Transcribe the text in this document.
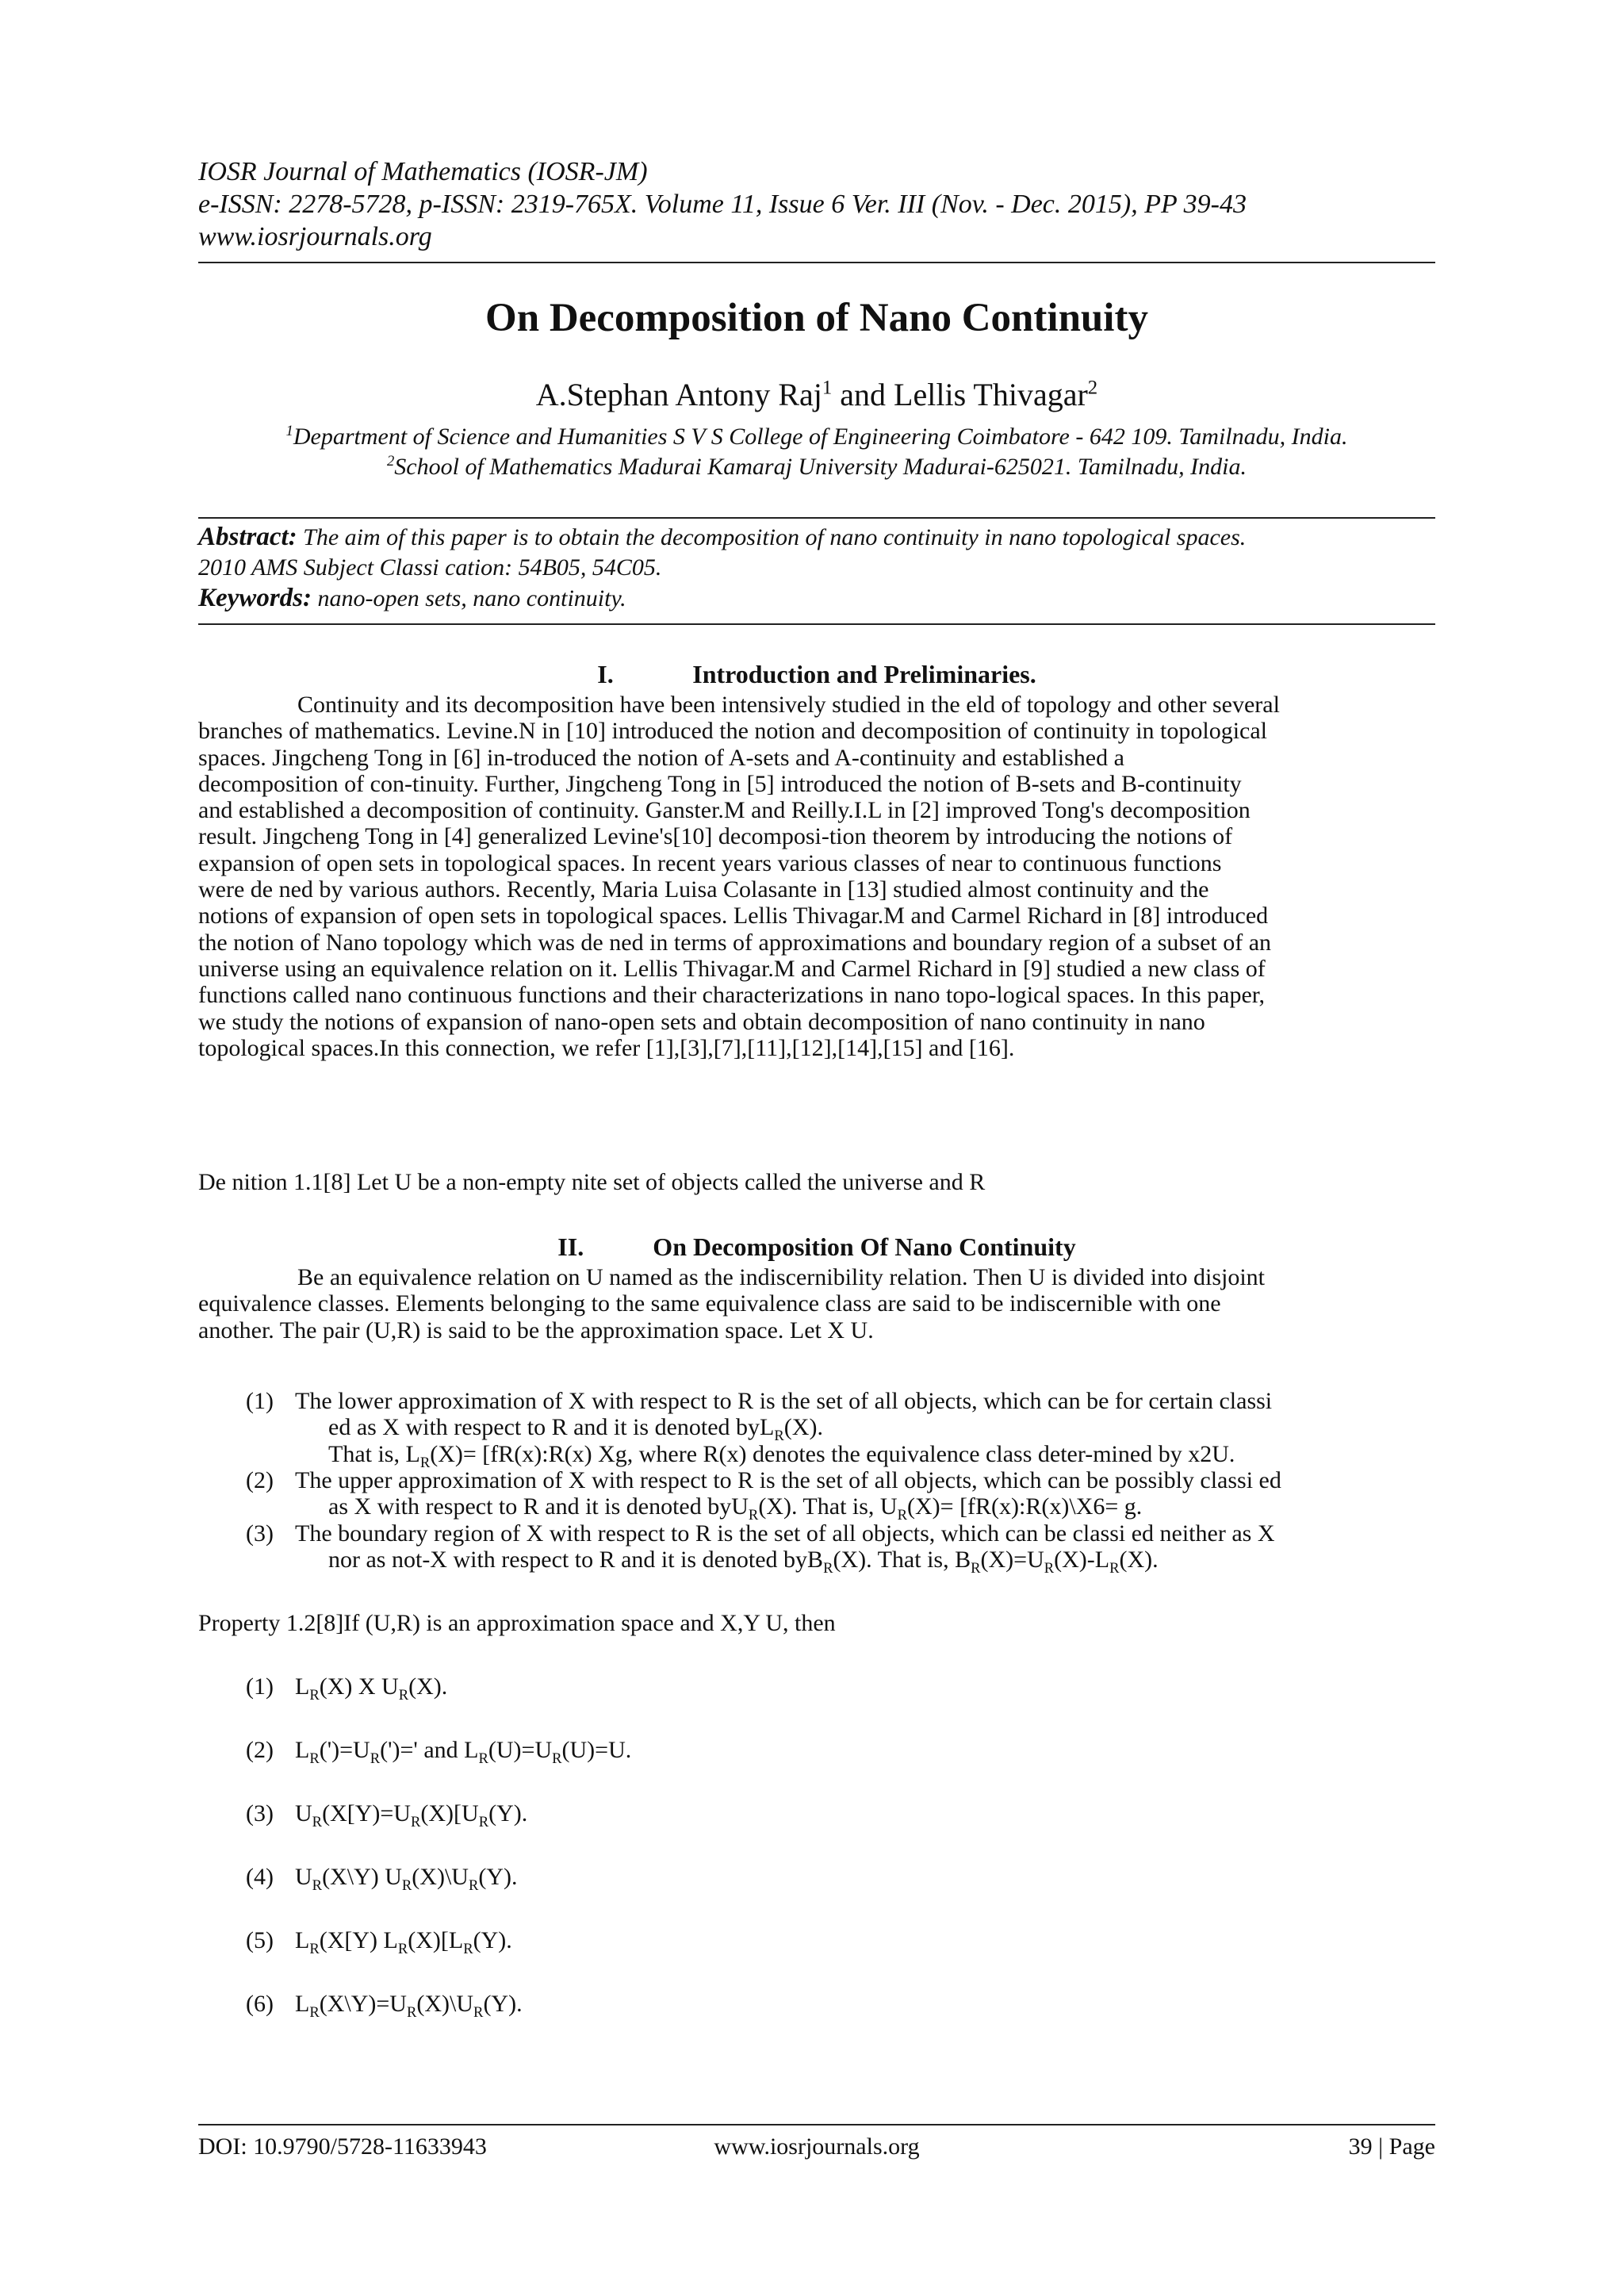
IOSR Journal of Mathematics (IOSR-JM)
e-ISSN: 2278-5728, p-ISSN: 2319-765X. Volume 11, Issue 6 Ver. III (Nov. - Dec. 2015), PP 39-43
www.iosrjournals.org
On Decomposition of Nano Continuity
A.Stephan Antony Raj$^1$ and Lellis Thivagar$^2$
$^1$Department of Science and Humanities S V S College of Engineering Coimbatore - 642 109. Tamilnadu, India.
$^2$School of Mathematics Madurai Kamaraj University Madurai-625021. Tamilnadu, India.
Abstract: The aim of this paper is to obtain the decomposition of nano continuity in nano topological spaces.
2010 AMS Subject Classi cation: 54B05, 54C05.
Keywords: nano-open sets, nano continuity.
I.	Introduction and Preliminaries.
Continuity and its decomposition have been intensively studied in the eld of topology and other several
branches of mathematics. Levine.N in [10] introduced the notion and decomposition of continuity in topological
spaces. Jingcheng Tong in [6] in-troduced the notion of A-sets and A-continuity and established a
decomposition of con-tinuity. Further, Jingcheng Tong in [5] introduced the notion of B-sets and B-continuity
and established a decomposition of continuity. Ganster.M and Reilly.I.L in [2] improved Tong's decomposition
result. Jingcheng Tong in [4] generalized Levine's[10] decomposi-tion theorem by introducing the notions of
expansion of open sets in topological spaces. In recent years various classes of near to continuous functions
were de ned by various authors. Recently, Maria Luisa Colasante in [13] studied almost continuity and the
notions of expansion of open sets in topological spaces. Lellis Thivagar.M and Carmel Richard in [8] introduced
the notion of Nano topology which was de ned in terms of approximations and boundary region of a subset of an
universe using an equivalence relation on it. Lellis Thivagar.M and Carmel Richard in [9] studied a new class of
functions called nano continuous functions and their characterizations in nano topo-logical spaces. In this paper,
we study the notions of expansion of nano-open sets and obtain decomposition of nano continuity in nano
topological spaces.In this connection, we refer [1],[3],[7],[11],[12],[14],[15] and [16].
De nition 1.1[8] Let U be a non-empty nite set of objects called the universe and R
II.	On Decomposition Of Nano Continuity
Be an equivalence relation on U named as the indiscernibility relation. Then U is divided into disjoint
equivalence classes. Elements belonging to the same equivalence class are said to be indiscernible with one
another. The pair (U,R) is said to be the approximation space. Let X U.
(1) The lower approximation of X with respect to R is the set of all objects, which can be for certain classi
ed as X with respect to R and it is denoted byL$_R$(X).
That is, $L_R(X)=$ [fR(x):R(x) Xg, where R(x) denotes the equivalence class deter-mined by x2U.
(2) The upper approximation of X with respect to R is the set of all objects, which can be possibly classi ed
as X with respect to R and it is denoted byU$_R$(X). That is, $U_R(X)=$ [fR(x):R(x)\X6= g.
(3) The boundary region of X with respect to R is the set of all objects, which can be classi ed neither as X
nor as not-X with respect to R and it is denoted byB$_R$(X). That is, $B_R(X)=U_R(X)-L_R(X)$.
Property 1.2[8]If (U,R) is an approximation space and X,Y U, then
(1) $L_R(X)$ X $U_R(X)$.
(2) $L_R(')=U_R(')='$ and $L_R(U)=U_R(U)=U$.
(3) $U_R(X[Y)=U_R(X)[U_R(Y)$.
(4) $U_R(X\backslash Y)$ $U_R(X)\backslash U_R(Y)$.
(5) $L_R(X[Y)$ $L_R(X)[L_R(Y)$.
(6) $L_R(X\backslash Y)=U_R(X)\backslash U_R(Y)$.
DOI: 10.9790/5728-11633943	www.iosrjournals.org	39 | Page
